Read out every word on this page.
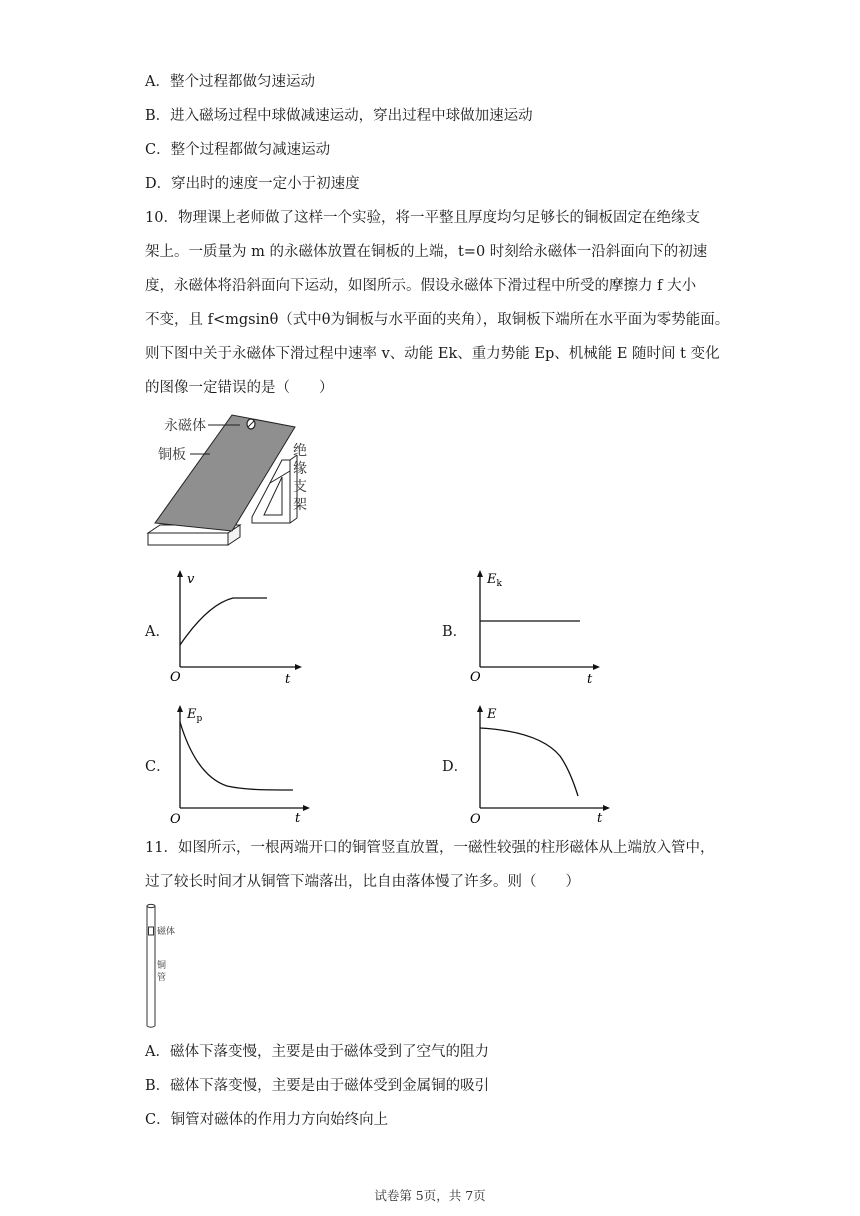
A．整个过程都做匀速运动
B．进入磁场过程中球做减速运动，穿出过程中球做加速运动
C．整个过程都做匀减速运动
D．穿出时的速度一定小于初速度
10．物理课上老师做了这样一个实验，将一平整且厚度均匀足够长的铜板固定在绝缘支
架上。一质量为 m 的永磁体放置在铜板的上端，t=0 时刻给永磁体一沿斜面向下的初速
度，永磁体将沿斜面向下运动，如图所示。假设永磁体下滑过程中所受的摩擦力 f 大小
不变，且 f<mgsinθ（式中θ为铜板与水平面的夹角），取铜板下端所在水平面为零势能面。
则下图中关于永磁体下滑过程中速率 v、动能 Ek、重力势能 Ep、机械能 E 随时间 t 变化
的图像一定错误的是（　　）
永磁体
铜板	绝
缘
支
架
A．
v
O	t
B．
$E_k$
O	t
C．
$E_p$
O	t
D．
E
O	t
11．如图所示，一根两端开口的铜管竖直放置，一磁性较强的柱形磁体从上端放入管中，
过了较长时间才从铜管下端落出，比自由落体慢了许多。则（　　）
磁体
铜
管
A．磁体下落变慢，主要是由于磁体受到了空气的阻力
B．磁体下落变慢，主要是由于磁体受到金属铜的吸引
C．铜管对磁体的作用力方向始终向上
试卷第 5页，共 7页
